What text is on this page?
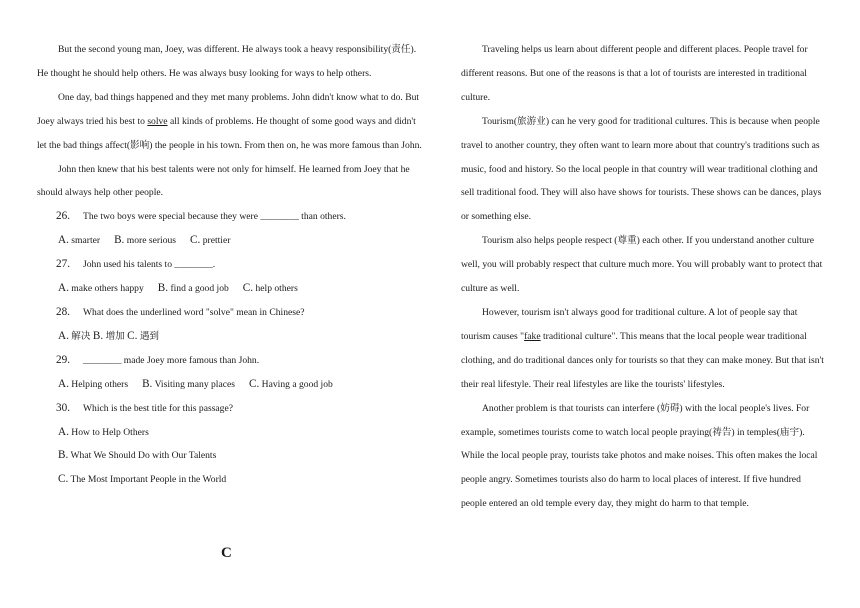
But the second young man, Joey, was different. He always took a heavy responsibility(责任). He thought he should help others. He was always busy looking for ways to help others.

One day, bad things happened and they met many problems. John didn't know what to do. But Joey always tried his best to solve all kinds of problems. He thought of some good ways and didn't let the bad things affect(影响) the people in his town. From then on, he was more famous than John.

John then knew that his best talents were not only for himself. He learned from Joey that he should always help other people.

26. The two boys were special because they were ________ than others.

A. smarter B. more serious C. prettier

27. John used his talents to ________.

A. make others happy B. find a good job C. help others

28. What does the underlined word "solve" mean in Chinese?

A. 解决 B. 增加 C. 遇到

29. ________ made Joey more famous than John.

A. Helping others B. Visiting many places C. Having a good job

30. Which is the best title for this passage?

A. How to Help Others

B. What We Should Do with Our Talents

C. The Most Important People in the World

C

Traveling helps us learn about different people and different places. People travel for different reasons. But one of the reasons is that a lot of tourists are interested in traditional culture.

Tourism(旅游业) can he very good for traditional cultures. This is because when people travel to another country, they often want to learn more about that country's traditions such as music, food and history. So the local people in that country will wear traditional clothing and sell traditional food. They will also have shows for tourists. These shows can be dances, plays or something else.

Tourism also helps people respect (尊重) each other. If you understand another culture well, you will probably respect that culture much more. You will probably want to protect that culture as well.

However, tourism isn't always good for traditional culture. A lot of people say that tourism causes "fake traditional culture". This means that the local people wear traditional clothing, and do traditional dances only for tourists so that they can make money. But that isn't their real lifestyle. Their real lifestyles are like the tourists' lifestyles.

Another problem is that tourists can interfere (妨碍) with the local people's lives. For example, sometimes tourists come to watch local people praying(祷告) in temples(庙宇). While the local people pray, tourists take photos and make noises. This often makes the local people angry. Sometimes tourists also do harm to local places of interest. If five hundred people entered an old temple every day, they might do harm to that temple.
